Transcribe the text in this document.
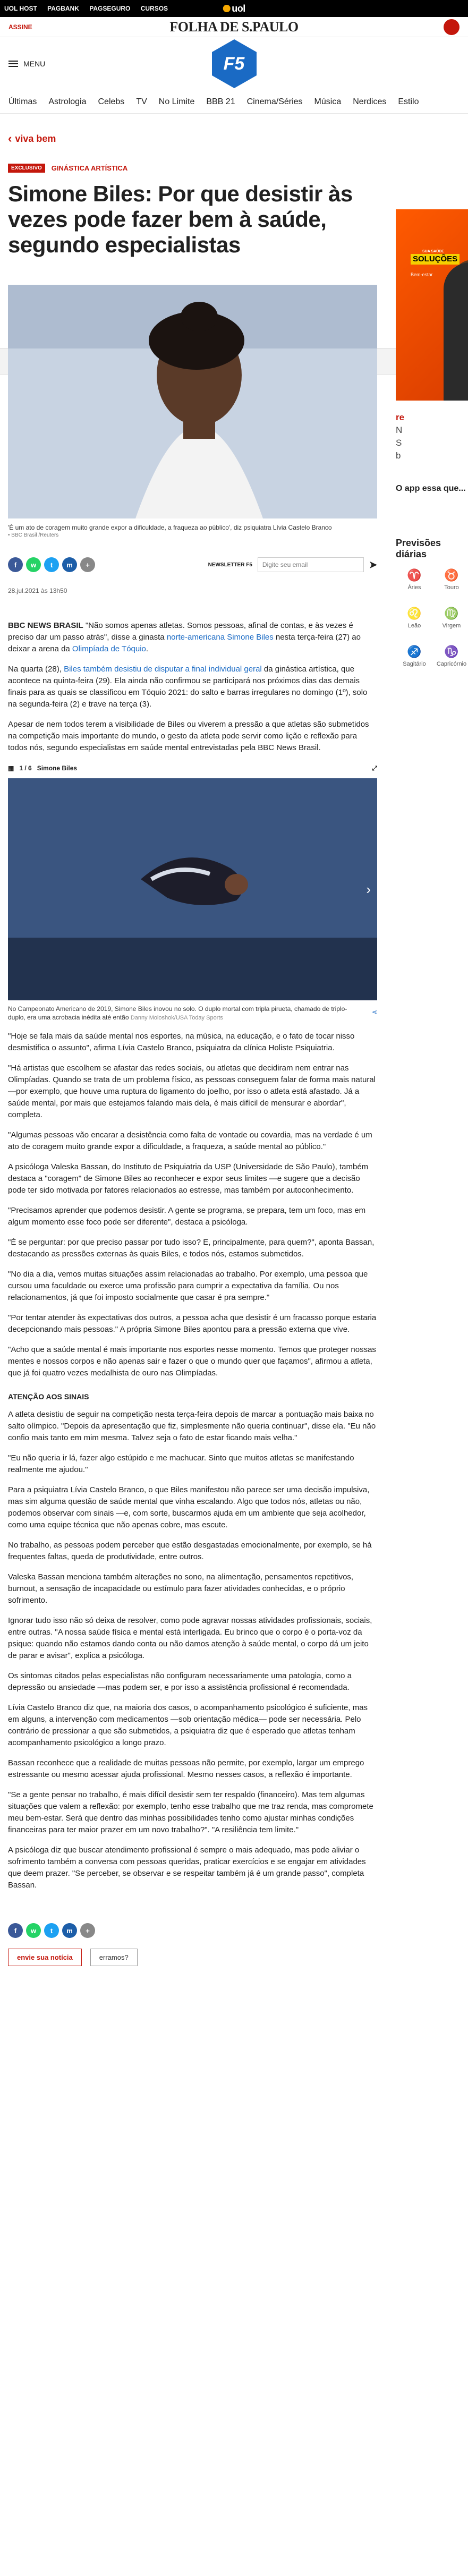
UOL HOST PAGBANK PAGSEGURO CURSOS	uol
ASSINE	FOLHA DE S.PAULO
MENU	F5
Últimas Astrologia Celebs TV No Limite BBB 21 Cinema/Séries Música Nerdices Estilo
‹ viva bem
EXCLUSIVO	GINÁSTICA ARTÍSTICA
Simone Biles: Por que desistir às vezes pode fazer bem à saúde, segundo especialistas
'É um ato de coragem muito grande expor a dificuldade, a fraqueza ao público', diz psiquiatra Lívia Castelo Branco
• BBC Brasil /Reuters
f	w	t	m	+	NEWSLETTER F5
Digite seu email	➤
28.jul.2021 às 13h50

BBC NEWS BRASIL "Não somos apenas atletas. Somos pessoas, afinal de contas, e às vezes é preciso dar um passo atrás", disse a ginasta norte-americana Simone Biles nesta terça-feira (27) ao deixar a arena da Olimpíada de Tóquio.

Na quarta (28), Biles também desistiu de disputar a final individual geral da ginástica artística, que acontece na quinta-feira (29). Ela ainda não confirmou se participará nos próximos dias das demais finais para as quais se classificou em Tóquio 2021: do salto e barras irregulares no domingo (1º), solo na segunda-feira (2) e trave na terça (3).

Apesar de nem todos terem a visibilidade de Biles ou viverem a pressão a que atletas são submetidos na competição mais importante do mundo, o gesto da atleta pode servir como lição e reflexão para todos nós, segundo especialistas em saúde mental entrevistadas pela BBC News Brasil.

▦ 1 / 6 Simone Biles	⤢
›
No Campeonato Americano de 2019, Simone Biles inovou no solo. O duplo mortal com tripla pirueta, chamado de triplo-duplo, era uma acrobacia inédita até então Danny Moloshok/USA Today Sports
⋖

"Hoje se fala mais da saúde mental nos esportes, na música, na educação, e o fato de tocar nisso desmistifica o assunto", afirma Lívia Castelo Branco, psiquiatra da clínica Holiste Psiquiatria.

"Há artistas que escolhem se afastar das redes sociais, ou atletas que decidiram nem entrar nas Olimpíadas. Quando se trata de um problema físico, as pessoas conseguem falar de forma mais natural —por exemplo, que houve uma ruptura do ligamento do joelho, por isso o atleta está afastado. Já a saúde mental, por mais que estejamos falando mais dela, é mais difícil de mensurar e abordar", completa.

"Algumas pessoas vão encarar a desistência como falta de vontade ou covardia, mas na verdade é um ato de coragem muito grande expor a dificuldade, a fraqueza, a saúde mental ao público."

A psicóloga Valeska Bassan, do Instituto de Psiquiatria da USP (Universidade de São Paulo), também destaca a "coragem" de Simone Biles ao reconhecer e expor seus limites —e sugere que a decisão pode ter sido motivada por fatores relacionados ao estresse, mas também por autoconhecimento.

"Precisamos aprender que podemos desistir. A gente se programa, se prepara, tem um foco, mas em algum momento esse foco pode ser diferente", destaca a psicóloga.

"É se perguntar: por que preciso passar por tudo isso? E, principalmente, para quem?", aponta Bassan, destacando as pressões externas às quais Biles, e todos nós, estamos submetidos.

"No dia a dia, vemos muitas situações assim relacionadas ao trabalho. Por exemplo, uma pessoa que cursou uma faculdade ou exerce uma profissão para cumprir a expectativa da família. Ou nos relacionamentos, já que foi imposto socialmente que casar é pra sempre."

"Por tentar atender às expectativas dos outros, a pessoa acha que desistir é um fracasso porque estaria decepcionando mais pessoas." A própria Simone Biles apontou para a pressão externa que vive.

"Acho que a saúde mental é mais importante nos esportes nesse momento. Temos que proteger nossas mentes e nossos corpos e não apenas sair e fazer o que o mundo quer que façamos", afirmou a atleta, que já foi quatro vezes medalhista de ouro nas Olimpíadas.

ATENÇÃO AOS SINAIS

A atleta desistiu de seguir na competição nesta terça-feira depois de marcar a pontuação mais baixa no salto olímpico. "Depois da apresentação que fiz, simplesmente não queria continuar", disse ela. "Eu não confio mais tanto em mim mesma. Talvez seja o fato de estar ficando mais velha."

"Eu não queria ir lá, fazer algo estúpido e me machucar. Sinto que muitos atletas se manifestando realmente me ajudou."

Para a psiquiatra Lívia Castelo Branco, o que Biles manifestou não parece ser uma decisão impulsiva, mas sim alguma questão de saúde mental que vinha escalando. Algo que todos nós, atletas ou não, podemos observar com sinais —e, com sorte, buscarmos ajuda em um ambiente que seja acolhedor, como uma equipe técnica que não apenas cobre, mas escute.

No trabalho, as pessoas podem perceber que estão desgastadas emocionalmente, por exemplo, se há frequentes faltas, queda de produtividade, entre outros.

Valeska Bassan menciona também alterações no sono, na alimentação, pensamentos repetitivos, burnout, a sensação de incapacidade ou estímulo para fazer atividades conhecidas, e o próprio sofrimento.

Ignorar tudo isso não só deixa de resolver, como pode agravar nossas atividades profissionais, sociais, entre outras. "A nossa saúde física e mental está interligada. Eu brinco que o corpo é o porta-voz da psique: quando não estamos dando conta ou não damos atenção à saúde mental, o corpo dá um jeito de parar e avisar", explica a psicóloga.

Os sintomas citados pelas especialistas não configuram necessariamente uma patologia, como a depressão ou ansiedade —mas podem ser, e por isso a assistência profissional é recomendada.

Lívia Castelo Branco diz que, na maioria dos casos, o acompanhamento psicológico é suficiente, mas em alguns, a intervenção com medicamentos —sob orientação médica— pode ser necessária. Pelo contrário de pressionar a que são submetidos, a psiquiatra diz que é esperado que atletas tenham acompanhamento psicológico a longo prazo.

Bassan reconhece que a realidade de muitas pessoas não permite, por exemplo, largar um emprego estressante ou mesmo acessar ajuda profissional. Mesmo nesses casos, a reflexão é importante.

"Se a gente pensar no trabalho, é mais difícil desistir sem ter respaldo (financeiro). Mas tem algumas situações que valem a reflexão: por exemplo, tenho esse trabalho que me traz renda, mas compromete meu bem-estar. Será que dentro das minhas possibilidades tenho como ajustar minhas condições financeiras para ter maior prazer em um novo trabalho?". "A resiliência tem limite."

A psicóloga diz que buscar atendimento profissional é sempre o mais adequado, mas pode aliviar o sofrimento também a conversa com pessoas queridas, praticar exercícios e se engajar em atividades que deem prazer. "Se perceber, se observar e se respeitar também já é um grande passo", completa Bassan.

f	w	t	m	+
envie sua notícia	erramos?
SUA SAÚDE
SOLUÇÕES
Bem-estar
re
N
S
b
O app essa que...
Previsões diárias
♈
Áries
♉
Touro
♌
Leão
♍
Virgem
♐
Sagitário
♑
Capricórnio
